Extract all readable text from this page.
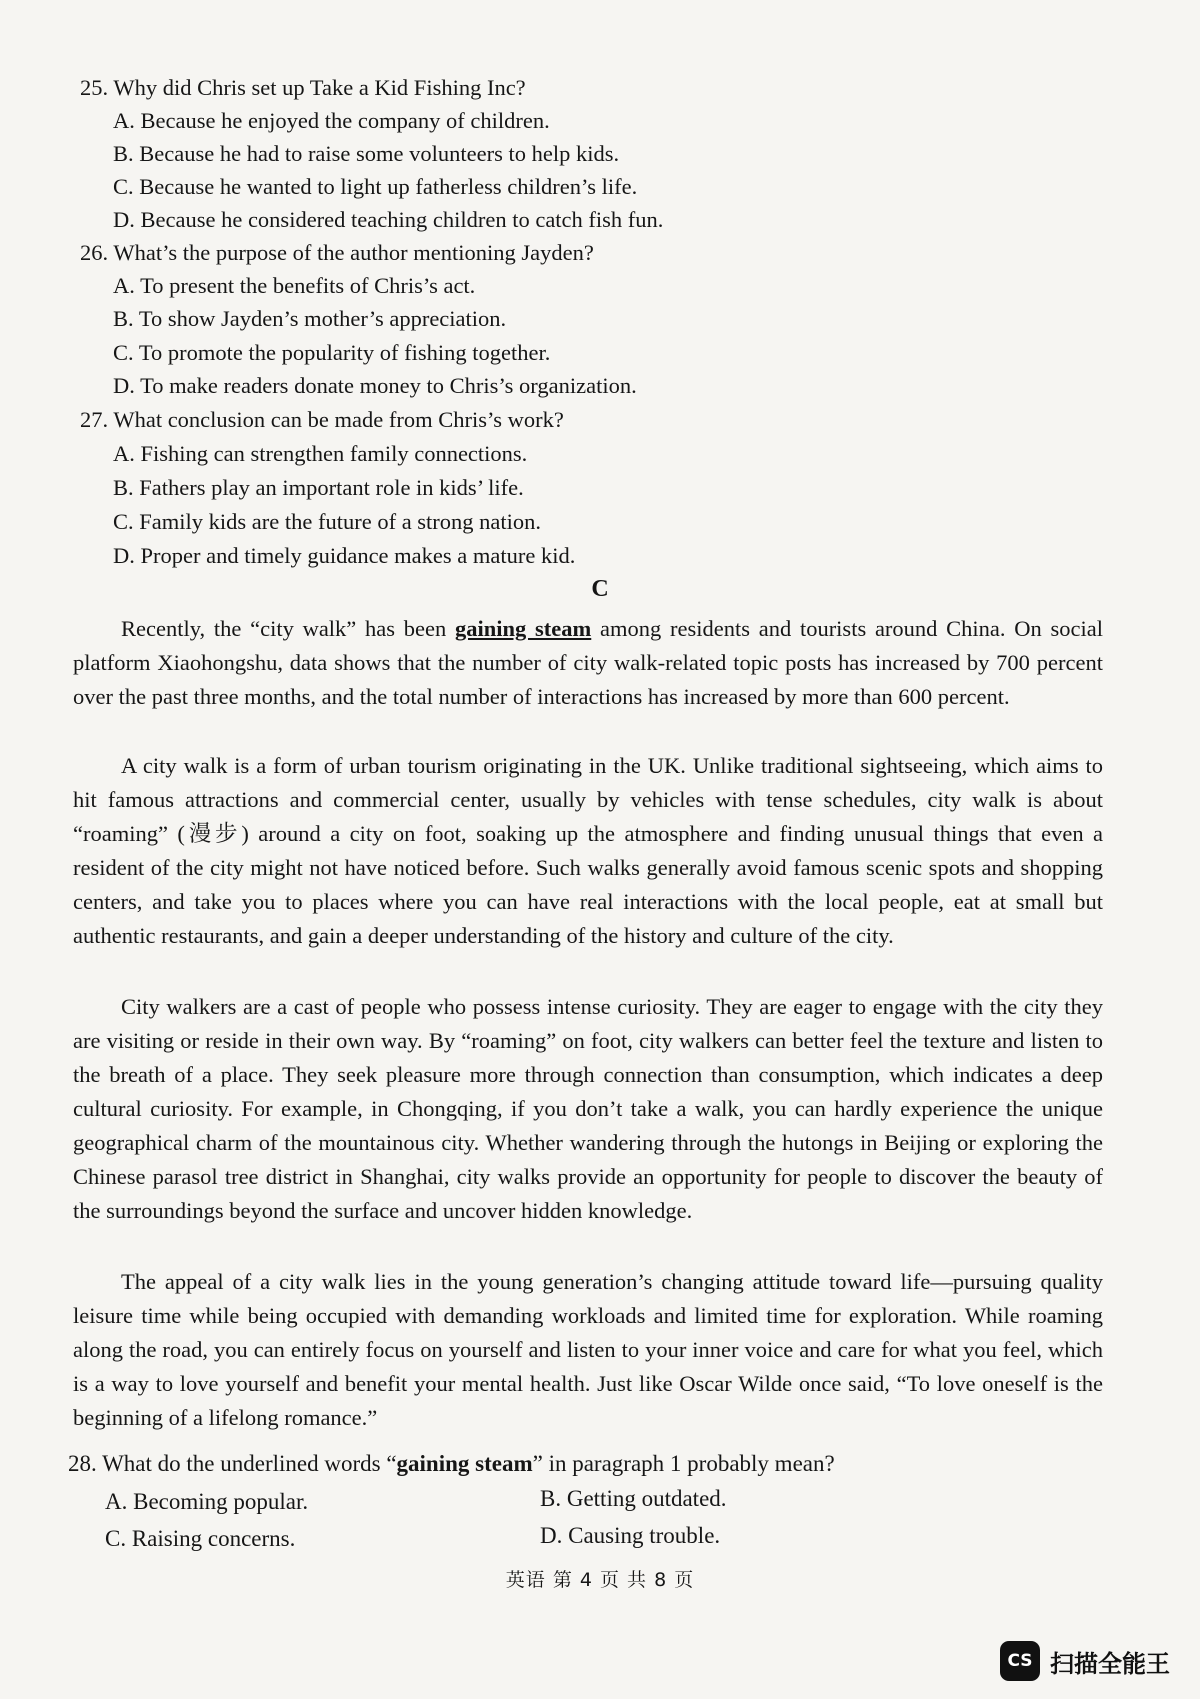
25. Why did Chris set up Take a Kid Fishing Inc?
A. Because he enjoyed the company of children.
B. Because he had to raise some volunteers to help kids.
C. Because he wanted to light up fatherless children’s life.
D. Because he considered teaching children to catch fish fun.
26. What’s the purpose of the author mentioning Jayden?
A. To present the benefits of Chris’s act.
B. To show Jayden’s mother’s appreciation.
C. To promote the popularity of fishing together.
D. To make readers donate money to Chris’s organization.
27. What conclusion can be made from Chris’s work?
A. Fishing can strengthen family connections.
B. Fathers play an important role in kids’ life.
C. Family kids are the future of a strong nation.
D. Proper and timely guidance makes a mature kid.
C
Recently, the “city walk” has been gaining steam among residents and tourists around China. On social platform Xiaohongshu, data shows that the number of city walk-related topic posts has increased by 700 percent over the past three months, and the total number of interactions has increased by more than 600 percent.
A city walk is a form of urban tourism originating in the UK. Unlike traditional sightseeing, which aims to hit famous attractions and commercial center, usually by vehicles with tense schedules, city walk is about “roaming” (漫步) around a city on foot, soaking up the atmosphere and finding unusual things that even a resident of the city might not have noticed before. Such walks generally avoid famous scenic spots and shopping centers, and take you to places where you can have real interactions with the local people, eat at small but authentic restaurants, and gain a deeper understanding of the history and culture of the city.
City walkers are a cast of people who possess intense curiosity. They are eager to engage with the city they are visiting or reside in their own way. By “roaming” on foot, city walkers can better feel the texture and listen to the breath of a place. They seek pleasure more through connection than consumption, which indicates a deep cultural curiosity. For example, in Chongqing, if you don’t take a walk, you can hardly experience the unique geographical charm of the mountainous city. Whether wandering through the hutongs in Beijing or exploring the Chinese parasol tree district in Shanghai, city walks provide an opportunity for people to discover the beauty of the surroundings beyond the surface and uncover hidden knowledge.
The appeal of a city walk lies in the young generation’s changing attitude toward life—pursuing quality leisure time while being occupied with demanding workloads and limited time for exploration. While roaming along the road, you can entirely focus on yourself and listen to your inner voice and care for what you feel, which is a way to love yourself and benefit your mental health. Just like Oscar Wilde once said, “To love oneself is the beginning of a lifelong romance.”
28. What do the underlined words “gaining steam” in paragraph 1 probably mean?
A. Becoming popular.	B. Getting outdated.
C. Raising concerns.	D. Causing trouble.
英语 第 4 页 共 8 页
CS 扫描全能王
